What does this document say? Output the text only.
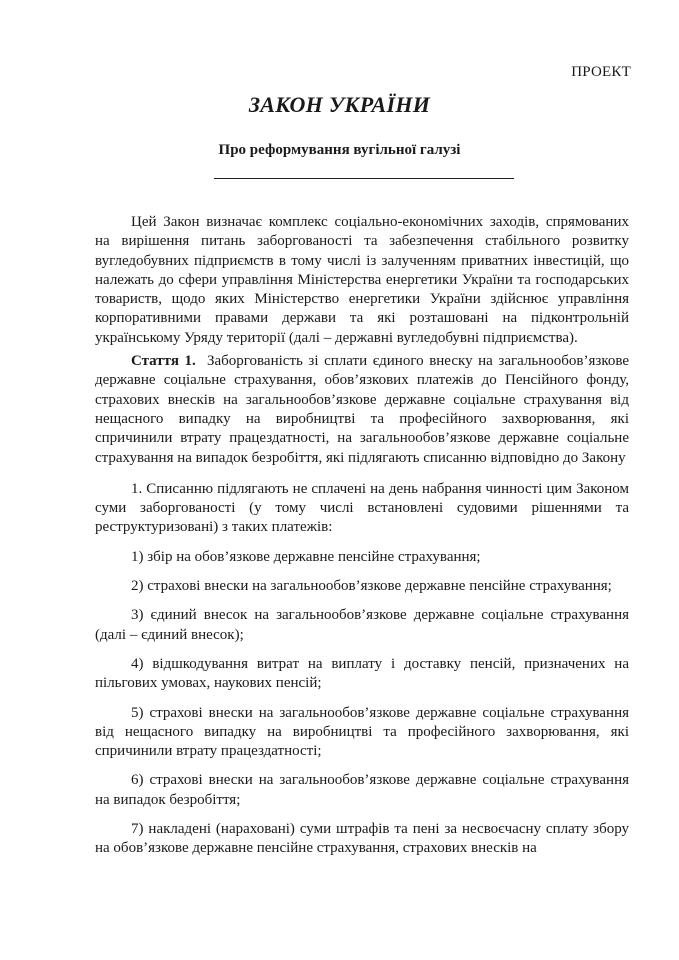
ПРОЕКТ
ЗАКОН УКРАЇНИ
Про реформування вугільної галузі

Цей Закон визначає комплекс соціально-економічних заходів, спрямованих на вирішення питань заборгованості та забезпечення стабільного розвитку вугледобувних підприємств в тому числі із залученням приватних інвестицій, що належать до сфери управління Міністерства енергетики України та господарських товариств, щодо яких Міністерство енергетики України здійснює управління корпоративними правами держави та які розташовані на підконтрольній українському Уряду території (далі – державні вугледобувні підприємства).

Стаття 1. Заборгованість зі сплати єдиного внеску на загальнообов’язкове державне соціальне страхування, обов’язкових платежів до Пенсійного фонду, страхових внесків на загальнообов’язкове державне соціальне страхування від нещасного випадку на виробництві та професійного захворювання, які спричинили втрату працездатності, на загальнообов’язкове державне соціальне страхування на випадок безробіття, які підлягають списанню відповідно до Закону

1. Списанню підлягають не сплачені на день набрання чинності цим Законом суми заборгованості (у тому числі встановлені судовими рішеннями та реструктуризовані) з таких платежів:

1) збір на обов’язкове державне пенсійне страхування;

2) страхові внески на загальнообов’язкове державне пенсійне страхування;

3) єдиний внесок на загальнообов’язкове державне соціальне страхування (далі – єдиний внесок);

4) відшкодування витрат на виплату і доставку пенсій, призначених на пільгових умовах, наукових пенсій;

5) страхові внески на загальнообов’язкове державне соціальне страхування від нещасного випадку на виробництві та професійного захворювання, які спричинили втрату працездатності;

6) страхові внески на загальнообов’язкове державне соціальне страхування на випадок безробіття;

7) накладені (нараховані) суми штрафів та пені за несвоєчасну сплату збору на обов’язкове державне пенсійне страхування, страхових внесків на
